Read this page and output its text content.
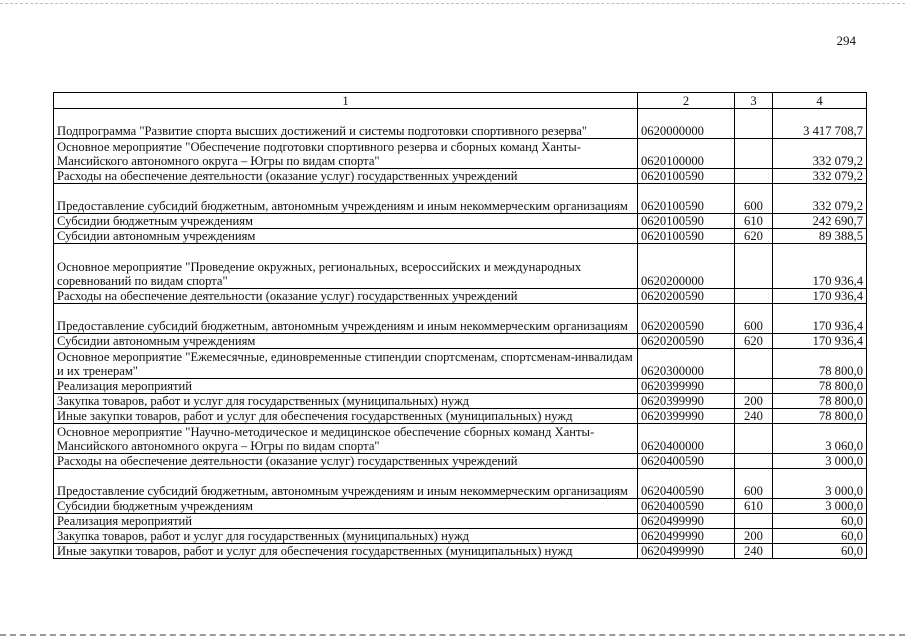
294
1	2	3	4
Подпрограмма "Развитие спорта высших достижений и системы подготовки спортивного резерва"	0620000000		3 417 708,7
Основное мероприятие "Обеспечение подготовки спортивного резерва и сборных команд Ханты-Мансийского автономного округа – Югры по видам спорта"	0620100000		332 079,2
Расходы на обеспечение деятельности (оказание услуг) государственных учреждений	0620100590		332 079,2
Предоставление субсидий бюджетным, автономным учреждениям и иным некоммерческим организациям	0620100590	600	332 079,2
Субсидии бюджетным учреждениям	0620100590	610	242 690,7
Субсидии автономным учреждениям	0620100590	620	89 388,5
Основное мероприятие "Проведение окружных, региональных, всероссийских и международных соревнований по видам спорта"	0620200000		170 936,4
Расходы на обеспечение деятельности (оказание услуг) государственных учреждений	0620200590		170 936,4
Предоставление субсидий бюджетным, автономным учреждениям и иным некоммерческим организациям	0620200590	600	170 936,4
Субсидии автономным учреждениям	0620200590	620	170 936,4
Основное мероприятие "Ежемесячные, единовременные стипендии спортсменам, спортсменам-инвалидам и их тренерам"	0620300000		78 800,0
Реализация мероприятий	0620399990		78 800,0
Закупка товаров, работ и услуг для государственных (муниципальных) нужд	0620399990	200	78 800,0
Иные закупки товаров, работ и услуг для обеспечения государственных (муниципальных) нужд	0620399990	240	78 800,0
Основное мероприятие "Научно-методическое и медицинское обеспечение сборных команд Ханты-Мансийского автономного округа – Югры по видам спорта"	0620400000		3 060,0
Расходы на обеспечение деятельности (оказание услуг) государственных учреждений	0620400590		3 000,0
Предоставление субсидий бюджетным, автономным учреждениям и иным некоммерческим организациям	0620400590	600	3 000,0
Субсидии бюджетным учреждениям	0620400590	610	3 000,0
Реализация мероприятий	0620499990		60,0
Закупка товаров, работ и услуг для государственных (муниципальных) нужд	0620499990	200	60,0
Иные закупки товаров, работ и услуг для обеспечения государственных (муниципальных) нужд	0620499990	240	60,0
